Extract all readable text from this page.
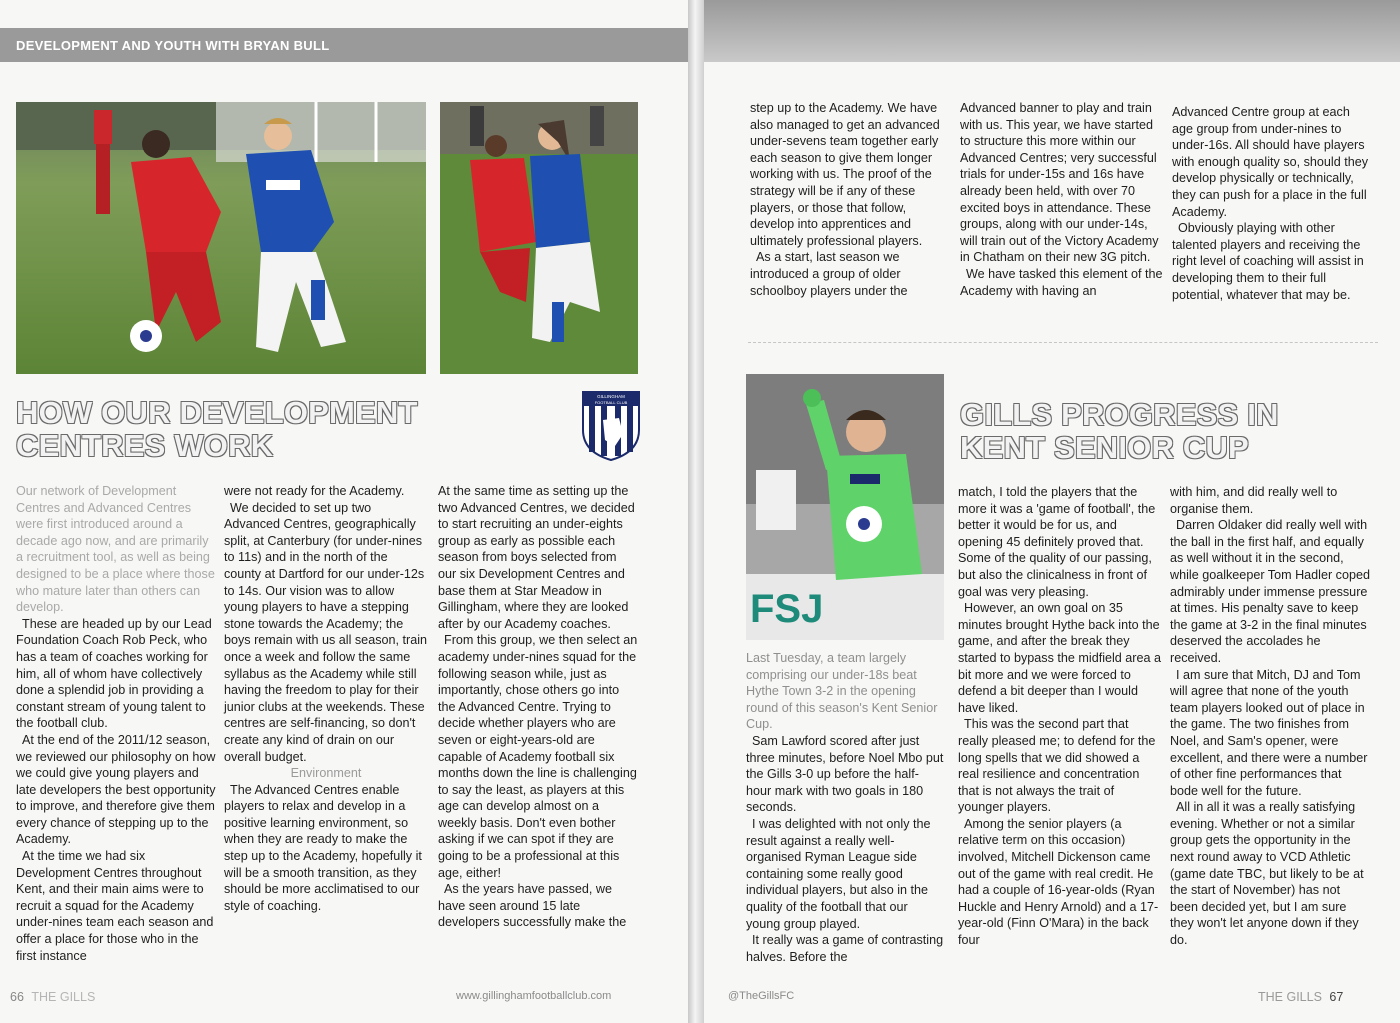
DEVELOPMENT AND YOUTH WITH BRYAN BULL
HOW OUR DEVELOPMENT
CENTRES WORK
GILLINGHAM
FOOTBALL CLUB

Our network of Development Centres and Advanced Centres were first introduced around a decade ago now, and are primarily a recruitment tool, as well as being designed to be a place where those who mature later than others can develop.

These are headed up by our Lead Foundation Coach Rob Peck, who has a team of coaches working for him, all of whom have collectively done a splendid job in providing a constant stream of young talent to the football club.

At the end of the 2011/12 season, we reviewed our philosophy on how we could give young players and late developers the best opportunity to improve, and therefore give them every chance of stepping up to the Academy.

At the time we had six Development Centres throughout Kent, and their main aims were to recruit a squad for the Academy under-nines team each season and offer a place for those who in the first instance

were not ready for the Academy.

We decided to set up two Advanced Centres, geographically split, at Canterbury (for under-nines to 11s) and in the north of the county at Dartford for our under-12s to 14s. Our vision was to allow young players to have a stepping stone towards the Academy; the boys remain with us all season, train once a week and follow the same syllabus as the Academy while still having the freedom to play for their junior clubs at the weekends. These centres are self-financing, so don't create any kind of drain on our overall budget.

Environment

The Advanced Centres enable players to relax and develop in a positive learning environment, so when they are ready to make the step up to the Academy, hopefully it will be a smooth transition, as they should be more acclimatised to our style of coaching.

At the same time as setting up the two Advanced Centres, we decided to start recruiting an under-eights group as early as possible each season from boys selected from our six Development Centres and base them at Star Meadow in Gillingham, where they are looked after by our Academy coaches.

From this group, we then select an academy under-nines squad for the following season while, just as importantly, chose others go into the Advanced Centre. Trying to decide whether players who are seven or eight-years-old are capable of Academy football six months down the line is challenging to say the least, as players at this age can develop almost on a weekly basis. Don't even bother asking if we can spot if they are going to be a professional at this age, either!

As the years have passed, we have seen around 15 late developers successfully make the

66 THE GILLS	www.gillinghamfootballclub.com

step up to the Academy. We have also managed to get an advanced under-sevens team together early each season to give them longer working with us. The proof of the strategy will be if any of these players, or those that follow, develop into apprentices and ultimately professional players.

As a start, last season we introduced a group of older schoolboy players under the

Advanced banner to play and train with us. This year, we have started to structure this more within our Advanced Centres; very successful trials for under-15s and 16s have already been held, with over 70 excited boys in attendance. These groups, along with our under-14s, will train out of the Victory Academy in Chatham on their new 3G pitch.

We have tasked this element of the Academy with having an

Advanced Centre group at each age group from under-nines to under-16s. All should have players with enough quality so, should they develop physically or technically, they can push for a place in the full Academy.

Obviously playing with other talented players and receiving the right level of coaching will assist in developing them to their full potential, whatever that may be.

FSJ
GILLS PROGRESS IN
KENT SENIOR CUP

Last Tuesday, a team largely comprising our under-18s beat Hythe Town 3-2 in the opening round of this season's Kent Senior Cup.

Sam Lawford scored after just three minutes, before Noel Mbo put the Gills 3-0 up before the half-hour mark with two goals in 180 seconds.

I was delighted with not only the result against a really well-organised Ryman League side containing some really good individual players, but also in the quality of the football that our young group played.

It really was a game of contrasting halves. Before the

match, I told the players that the more it was a 'game of football', the better it would be for us, and opening 45 definitely proved that. Some of the quality of our passing, but also the clinicalness in front of goal was very pleasing.

However, an own goal on 35 minutes brought Hythe back into the game, and after the break they started to bypass the midfield area a bit more and we were forced to defend a bit deeper than I would have liked.

This was the second part that really pleased me; to defend for the long spells that we did showed a real resilience and concentration that is not always the trait of younger players.

Among the senior players (a relative term on this occasion) involved, Mitchell Dickenson came out of the game with real credit. He had a couple of 16-year-olds (Ryan Huckle and Henry Arnold) and a 17-year-old (Finn O'Mara) in the back four

with him, and did really well to organise them.

Darren Oldaker did really well with the ball in the first half, and equally as well without it in the second, while goalkeeper Tom Hadler coped admirably under immense pressure at times. His penalty save to keep the game at 3-2 in the final minutes deserved the accolades he received.

I am sure that Mitch, DJ and Tom will agree that none of the youth team players looked out of place in the game. The two finishes from Noel, and Sam's opener, were excellent, and there were a number of other fine performances that bode well for the future.

All in all it was a really satisfying evening. Whether or not a similar group gets the opportunity in the next round away to VCD Athletic (game date TBC, but likely to be at the start of November) has not been decided yet, but I am sure they won't let anyone down if they do.

@TheGillsFC	THE GILLS 67
